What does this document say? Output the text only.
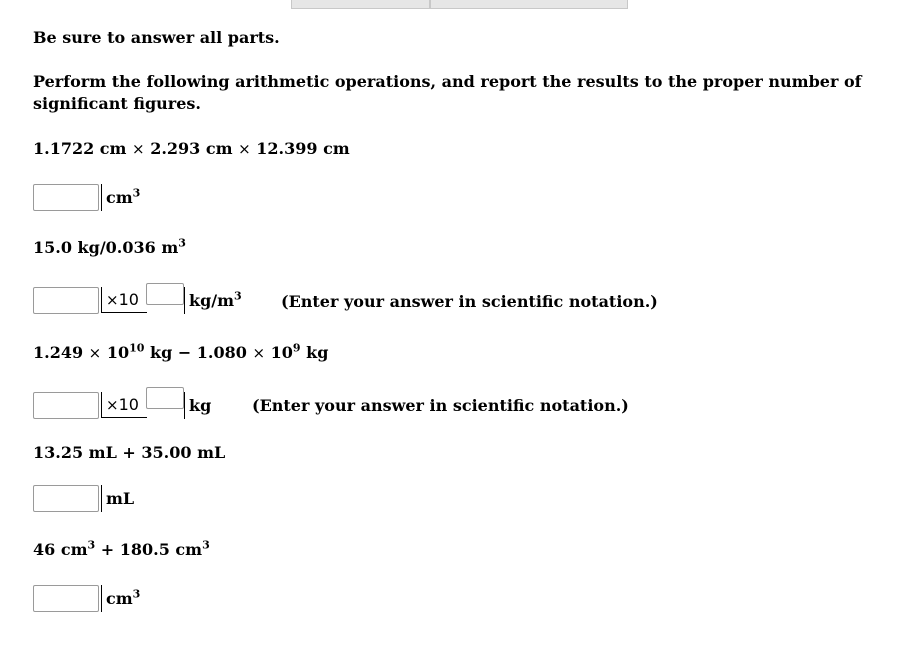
Be sure to answer all parts.
Perform the following arithmetic operations, and report the results to the proper number of significant figures.
1.1722 cm × 2.293 cm × 12.399 cm
$cm^3$
15.0 kg/0.036 $m^3$
×10	$kg/m^3$ (Enter your answer in scientific notation.)
$1.249 \times 10^{10}$ kg − $1.080 \times 10^9$ kg
×10	kg	(Enter your answer in scientific notation.)
13.25 mL + 35.00 mL
mL
46 $cm^3 + 180.5$ $cm^3$
$cm^3$
